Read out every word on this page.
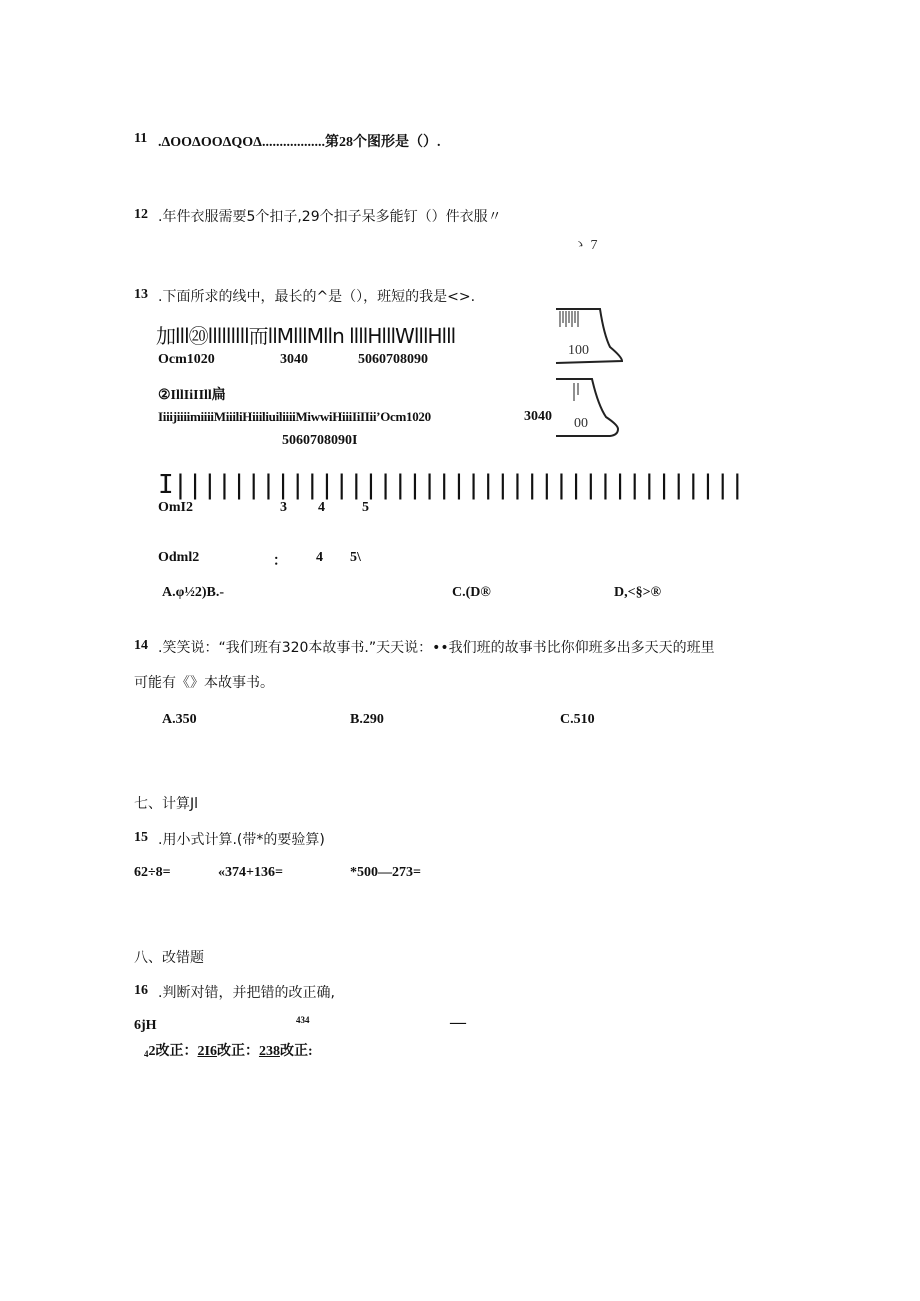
11 .ΔOOΔOOΔQOΔ..................第28个图形是（）.
12 .年件衣服需要5个扣子,29个扣子呆多能钉（）件衣服〃
ゝ 7
100
00
13 .下面所求的线中，最长的^是（），班短的我是<>.
加lll⑳lllllllll而llMlllMlln llllHlllWlllHlll
Ocm1020	3040	5060708090
②IllIiIIll扁
IiiijiiiimiiiiMiiiliHiiiliuiliiiiMiwwiHiiiIiIIii’Ocm1020	3040
5060708090I
I|||||||||||||||||||||||||||||||||||||||
OmI2	3 4	5
Odml2	： 4 5\

A.φ½2)B.-	C.(D®	D,<§>®
14 .笑笑说：“我们班有320本故事书.”天天说：••我们班的故事书比你仰班多出多天天的班里
可能有《》本故事书。
A.350	B.290	C.510
七、计算Jl
15 .用小式计算.(带*的要验算)
62÷8=	«374+136=	*500—273=
八、改错题
16 .判断对错，并把错的改正确,
6jH	434	—
42改正：2I6改正：238改正:
